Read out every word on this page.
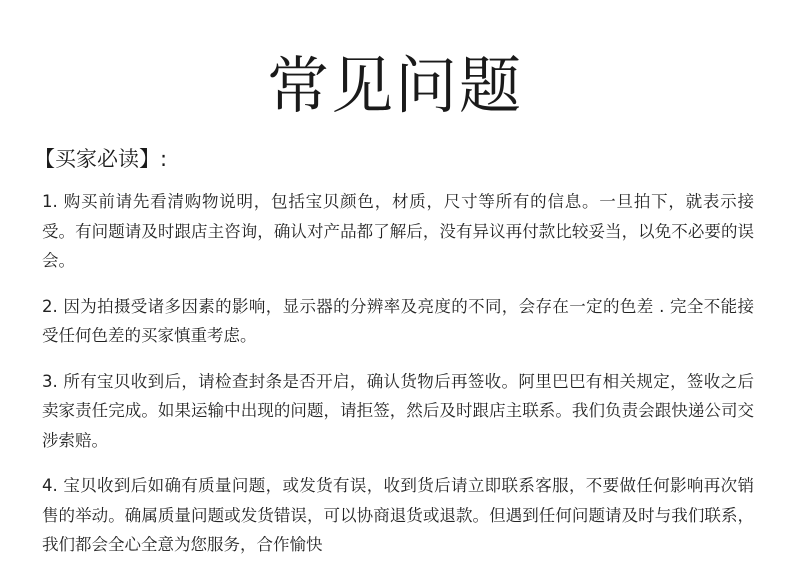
常见问题

【买家必读】:

1. 购买前请先看清购物说明，包括宝贝颜色，材质，尺寸等所有的信息。一旦拍下，就表示接受。有问题请及时跟店主咨询，确认对产品都了解后，没有异议再付款比较妥当，以免不必要的误会。
2. 因为拍摄受诸多因素的影响，显示器的分辨率及亮度的不同，会存在一定的色差 . 完全不能接受任何色差的买家慎重考虑。
3. 所有宝贝收到后，请检查封条是否开启，确认货物后再签收。阿里巴巴有相关规定，签收之后卖家责任完成。如果运输中出现的问题，请拒签，然后及时跟店主联系。我们负责会跟快递公司交涉索赔。
4. 宝贝收到后如确有质量问题，或发货有误，收到货后请立即联系客服，不要做任何影响再次销售的举动。确属质量问题或发货错误，可以协商退货或退款。但遇到任何问题请及时与我们联系，我们都会全心全意为您服务，合作愉快
